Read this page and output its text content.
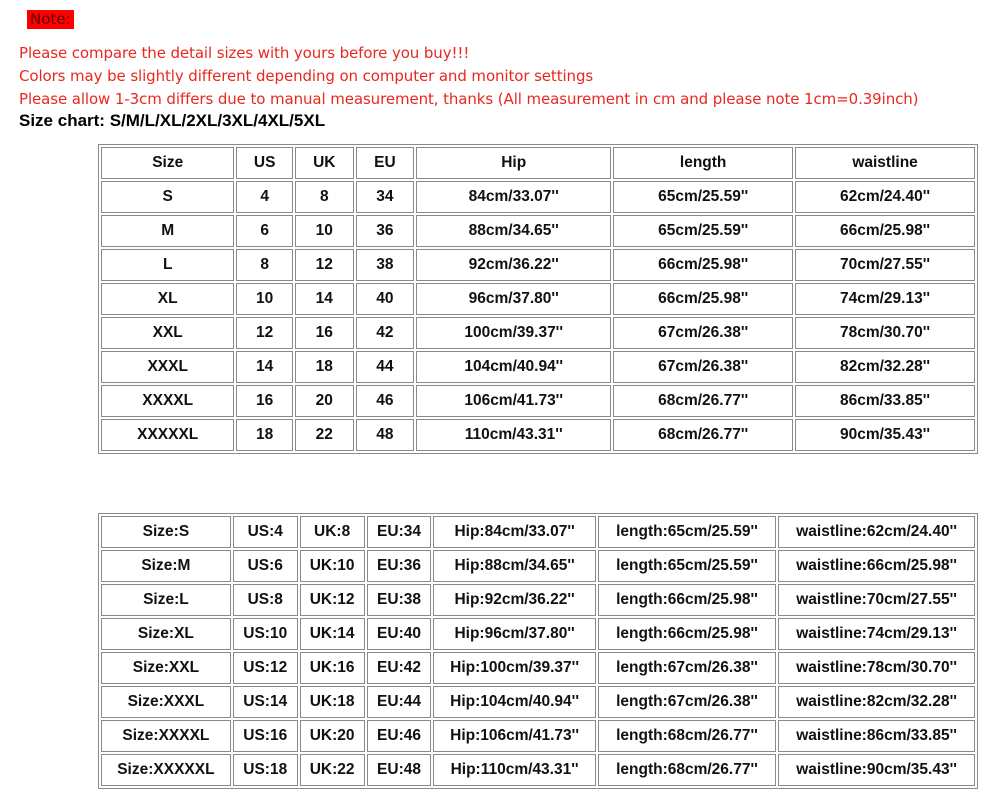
Note:
Please compare the detail sizes with yours before you buy!!!
Colors may be slightly different depending on computer and monitor settings
Please allow 1-3cm differs due to manual measurement, thanks (All measurement in cm and please note 1cm=0.39inch)
Size chart: S/M/L/XL/2XL/3XL/4XL/5XL
Size	US	UK	EU	Hip	length	waistline
S	4	8	34	84cm/33.07''	65cm/25.59''	62cm/24.40''
M	6	10	36	88cm/34.65''	65cm/25.59''	66cm/25.98''
L	8	12	38	92cm/36.22''	66cm/25.98''	70cm/27.55''
XL	10	14	40	96cm/37.80''	66cm/25.98''	74cm/29.13''
XXL	12	16	42	100cm/39.37''	67cm/26.38''	78cm/30.70''
XXXL	14	18	44	104cm/40.94''	67cm/26.38''	82cm/32.28''
XXXXL	16	20	46	106cm/41.73''	68cm/26.77''	86cm/33.85''
XXXXXL	18	22	48	110cm/43.31''	68cm/26.77''	90cm/35.43''
Size:S	US:4	UK:8	EU:34	Hip:84cm/33.07''	length:65cm/25.59''	waistline:62cm/24.40''
Size:M	US:6	UK:10	EU:36	Hip:88cm/34.65''	length:65cm/25.59''	waistline:66cm/25.98''
Size:L	US:8	UK:12	EU:38	Hip:92cm/36.22''	length:66cm/25.98''	waistline:70cm/27.55''
Size:XL	US:10	UK:14	EU:40	Hip:96cm/37.80''	length:66cm/25.98''	waistline:74cm/29.13''
Size:XXL	US:12	UK:16	EU:42	Hip:100cm/39.37''	length:67cm/26.38''	waistline:78cm/30.70''
Size:XXXL	US:14	UK:18	EU:44	Hip:104cm/40.94''	length:67cm/26.38''	waistline:82cm/32.28''
Size:XXXXL	US:16	UK:20	EU:46	Hip:106cm/41.73''	length:68cm/26.77''	waistline:86cm/33.85''
Size:XXXXXL	US:18	UK:22	EU:48	Hip:110cm/43.31''	length:68cm/26.77''	waistline:90cm/35.43''
